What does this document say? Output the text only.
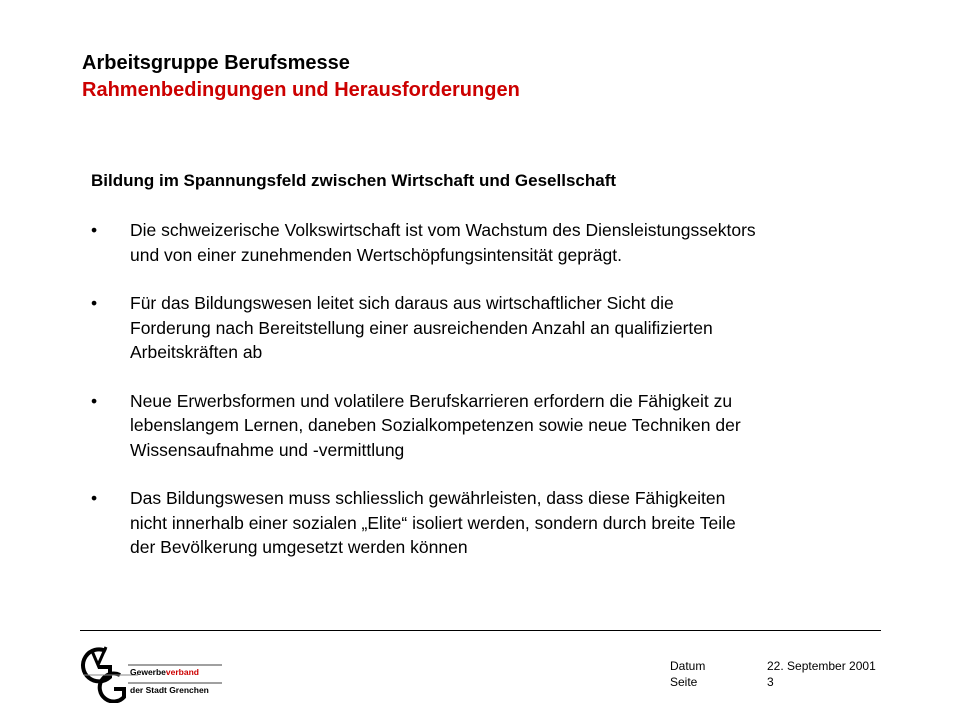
Arbeitsgruppe Berufsmesse
Rahmenbedingungen und Herausforderungen
Bildung im Spannungsfeld zwischen Wirtschaft und Gesellschaft
• Die schweizerische Volkswirtschaft ist vom Wachstum des Diensleistungssektors
und von einer zunehmenden Wertschöpfungsintensität geprägt.
• Für das Bildungswesen leitet sich daraus aus wirtschaftlicher Sicht die
Forderung nach Bereitstellung einer ausreichenden Anzahl an qualifizierten
Arbeitskräften ab
• Neue Erwerbsformen und volatilere Berufskarrieren erfordern die Fähigkeit zu
lebenslangem Lernen, daneben Sozialkompetenzen sowie neue Techniken der
Wissensaufnahme und -vermittlung
• Das Bildungswesen muss schliesslich gewährleisten, dass diese Fähigkeiten
nicht innerhalb einer sozialen „Elite“ isoliert werden, sondern durch breite Teile
der Bevölkerung umgesetzt werden können
Gewerbeverband
der Stadt Grenchen
Datum
Seite
22. September 2001
3
